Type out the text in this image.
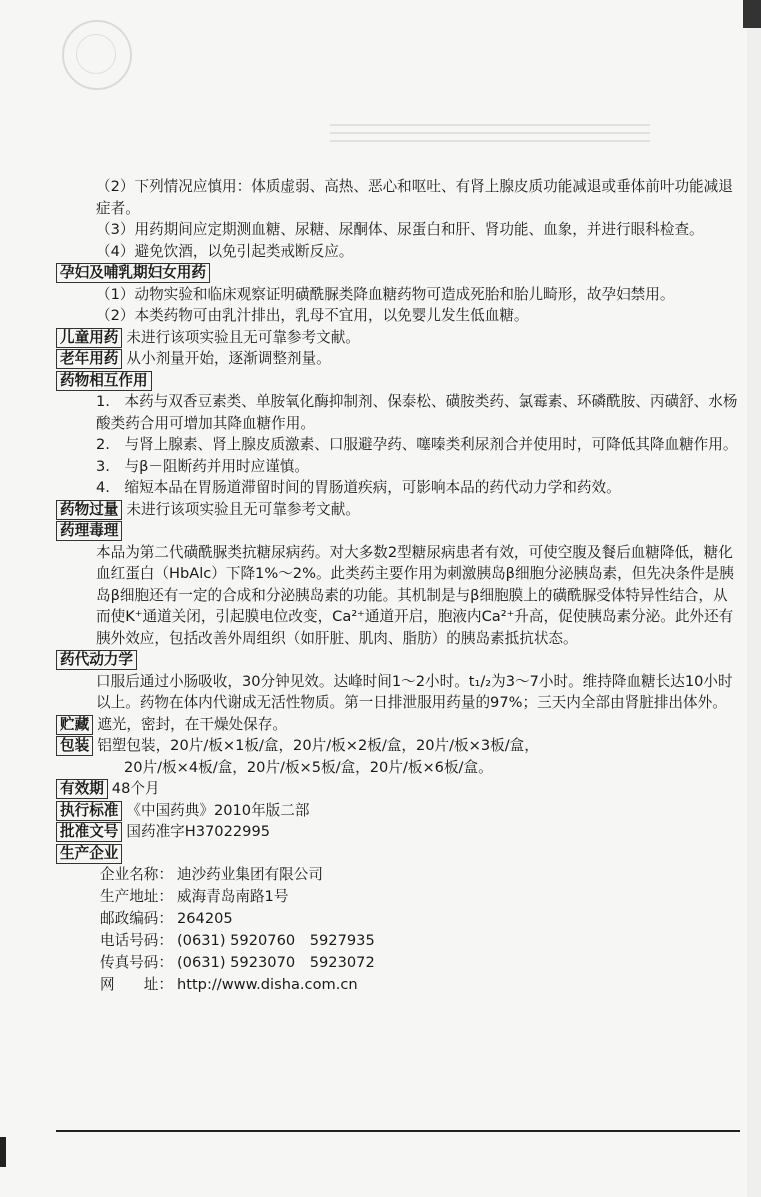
（2）下列情况应慎用：体质虚弱、高热、恶心和呕吐、有肾上腺皮质功能减退或垂体前叶功能减退症者。

（3）用药期间应定期测血糖、尿糖、尿酮体、尿蛋白和肝、肾功能、血象，并进行眼科检查。

（4）避免饮酒，以免引起类戒断反应。

孕妇及哺乳期妇女用药

（1）动物实验和临床观察证明磺酰脲类降血糖药物可造成死胎和胎儿畸形，故孕妇禁用。

（2）本类药物可由乳汁排出，乳母不宜用，以免婴儿发生低血糖。

儿童用药 未进行该项实验且无可靠参考文献。

老年用药 从小剂量开始，逐渐调整剂量。

药物相互作用

1.　本药与双香豆素类、单胺氧化酶抑制剂、保泰松、磺胺类药、氯霉素、环磷酰胺、丙磺舒、水杨酸类药合用可增加其降血糖作用。

2.　与肾上腺素、肾上腺皮质激素、口服避孕药、噻嗪类利尿剂合并使用时，可降低其降血糖作用。

3.　与β－阻断药并用时应谨慎。

4.　缩短本品在胃肠道滞留时间的胃肠道疾病，可影响本品的药代动力学和药效。

药物过量 未进行该项实验且无可靠参考文献。

药理毒理

本品为第二代磺酰脲类抗糖尿病药。对大多数2型糖尿病患者有效，可使空腹及餐后血糖降低，糖化血红蛋白（HbAlc）下降1%～2%。此类药主要作用为刺激胰岛β细胞分泌胰岛素，但先决条件是胰岛β细胞还有一定的合成和分泌胰岛素的功能。其机制是与β细胞膜上的磺酰脲受体特异性结合，从而使K⁺通道关闭，引起膜电位改变，Ca²⁺通道开启，胞液内Ca²⁺升高，促使胰岛素分泌。此外还有胰外效应，包括改善外周组织（如肝脏、肌肉、脂肪）的胰岛素抵抗状态。

药代动力学

口服后通过小肠吸收，30分钟见效。达峰时间1～2小时。t₁/₂为3～7小时。维持降血糖长达10小时以上。药物在体内代谢成无活性物质。第一日排泄服用药量的97%；三天内全部由肾脏排出体外。

贮藏 遮光，密封，在干燥处保存。

包装 铝塑包装，20片/板×1板/盒，20片/板×2板/盒，20片/板×3板/盒，

20片/板×4板/盒，20片/板×5板/盒，20片/板×6板/盒。

有效期 48个月

执行标准 《中国药典》2010年版二部

批准文号 国药准字H37022995

生产企业

企业名称： 迪沙药业集团有限公司
生产地址： 威海青岛南路1号
邮政编码： 264205
电话号码： (0631) 5920760　5927935
传真号码： (0631) 5923070　5923072
网　　址： http://www.disha.com.cn
